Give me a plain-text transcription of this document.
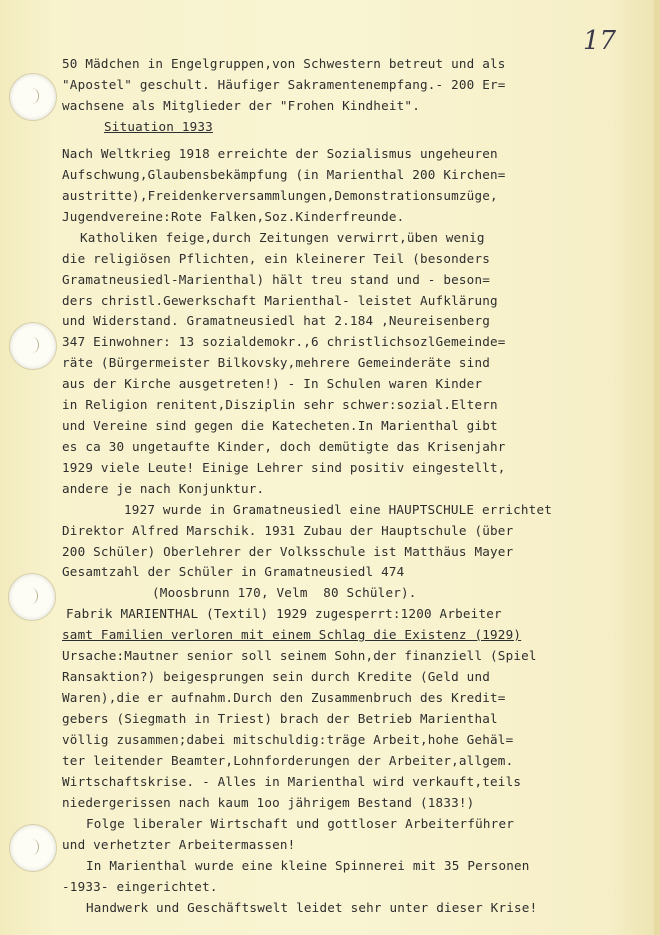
17
50 Mädchen in Engelgruppen,von Schwestern betreut und als
"Apostel" geschult. Häufiger Sakramentenempfang.- 200 Er=
wachsene als Mitglieder der "Frohen Kindheit".
Situation 1933
Nach Weltkrieg 1918 erreichte der Sozialismus ungeheuren
Aufschwung,Glaubensbekämpfung (in Marienthal 200 Kirchen=
austritte),Freidenkerversammlungen,Demonstrationsumzüge,
Jugendvereine:Rote Falken,Soz.Kinderfreunde.
Katholiken feige,durch Zeitungen verwirrt,üben wenig
die religiösen Pflichten, ein kleinerer Teil (besonders
Gramatneusiedl-Marienthal) hält treu stand und - beson=
ders christl.Gewerkschaft Marienthal- leistet Aufklärung
und Widerstand. Gramatneusiedl hat 2.184 ,Neureisenberg
347 Einwohner: 13 sozialdemokr.,6 christlichsozlGemeinde=
räte (Bürgermeister Bilkovsky,mehrere Gemeinderäte sind
aus der Kirche ausgetreten!) - In Schulen waren Kinder
in Religion renitent,Disziplin sehr schwer:sozial.Eltern
und Vereine sind gegen die Katecheten.In Marienthal gibt
es ca 30 ungetaufte Kinder, doch demütigte das Krisenjahr
1929 viele Leute! Einige Lehrer sind positiv eingestellt,
andere je nach Konjunktur.
1927 wurde in Gramatneusiedl eine HAUPTSCHULE errichtet
Direktor Alfred Marschik. 1931 Zubau der Hauptschule (über
200 Schüler) Oberlehrer der Volksschule ist Matthäus Mayer
Gesamtzahl der Schüler in Gramatneusiedl 474
(Moosbrunn 170, Velm  80 Schüler).
Fabrik MARIENTHAL (Textil) 1929 zugesperrt:1200 Arbeiter
samt Familien verloren mit einem Schlag die Existenz (1929)
Ursache:Mautner senior soll seinem Sohn,der finanziell (Spiel
Ransaktion?) beigesprungen sein durch Kredite (Geld und
Waren),die er aufnahm.Durch den Zusammenbruch des Kredit=
gebers (Siegmath in Triest) brach der Betrieb Marienthal
völlig zusammen;dabei mitschuldig:träge Arbeit,hohe Gehäl=
ter leitender Beamter,Lohnforderungen der Arbeiter,allgem.
Wirtschaftskrise. - Alles in Marienthal wird verkauft,teils
niedergerissen nach kaum 1oo jährigem Bestand (1833!)
Folge liberaler Wirtschaft und gottloser Arbeiterführer
und verhetzter Arbeitermassen!
In Marienthal wurde eine kleine Spinnerei mit 35 Personen
-1933- eingerichtet.
Handwerk und Geschäftswelt leidet sehr unter dieser Krise!
